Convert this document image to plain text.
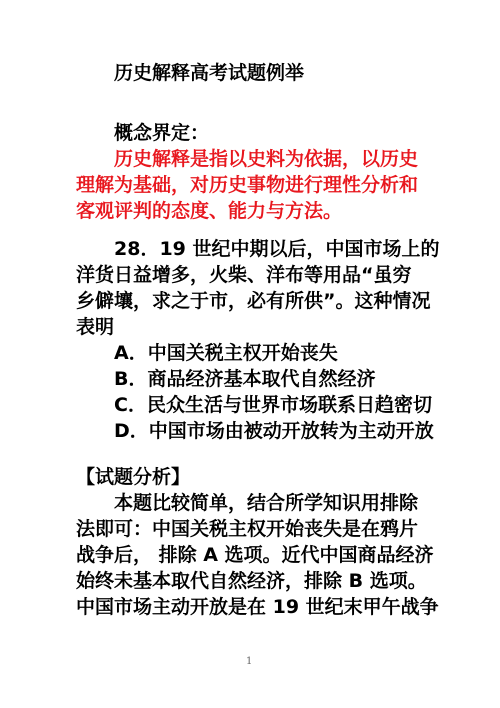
历史解释高考试题例举
概念界定：
历史解释是指以史料为依据，以历史
理解为基础，对历史事物进行理性分析和
客观评判的态度、能力与方法。
28．19 世纪中期以后，中国市场上的
洋货日益增多，火柴、洋布等用品“虽穷
乡僻壤，求之于市，必有所供”。这种情况
表明
A．中国关税主权开始丧失
B．商品经济基本取代自然经济
C．民众生活与世界市场联系日趋密切
D．中国市场由被动开放转为主动开放
【试题分析】
本题比较简单，结合所学知识用排除
法即可：中国关税主权开始丧失是在鸦片
战争后， 排除 A 选项。近代中国商品经济
始终未基本取代自然经济，排除 B 选项。
中国市场主动开放是在 19 世纪末甲午战争
1
